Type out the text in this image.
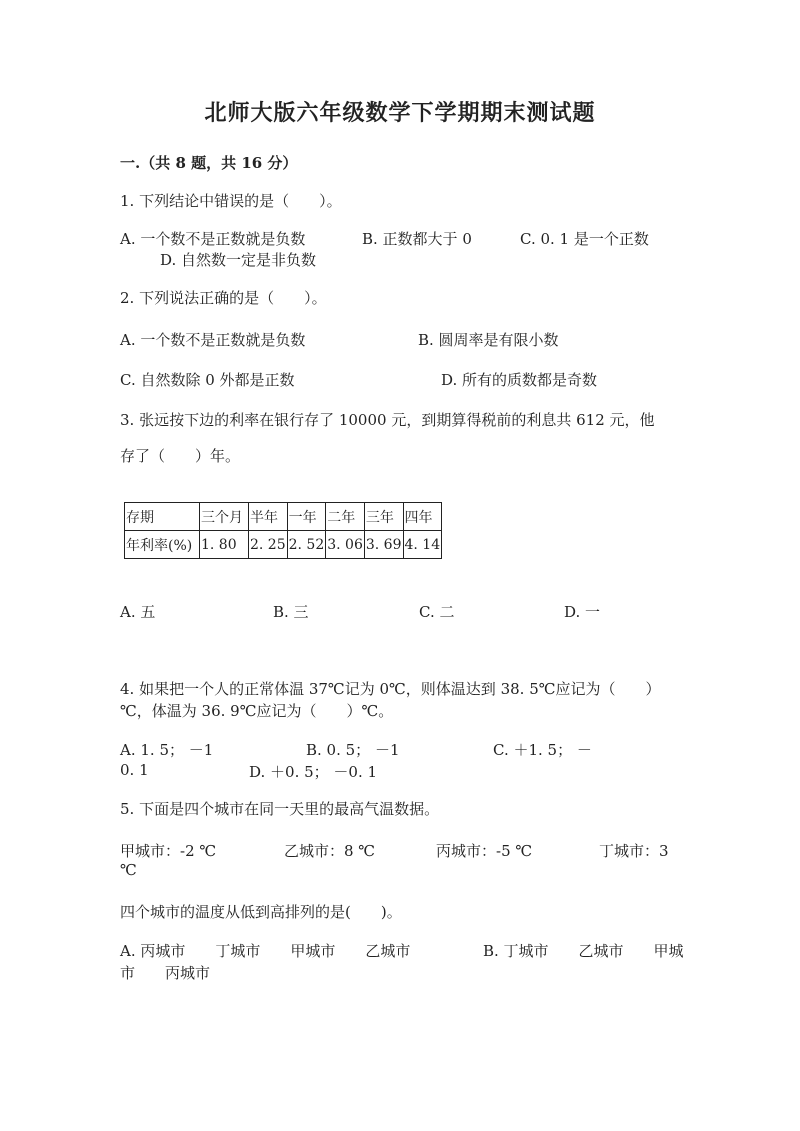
北师大版六年级数学下学期期末测试题
一.（共 8 题，共 16 分）
1. 下列结论中错误的是（　　）。
A. 一个数不是正数就是负数	B. 正数都大于 0	C. 0. 1 是一个正数
D. 自然数一定是非负数
2. 下列说法正确的是（　　）。
A. 一个数不是正数就是负数	B. 圆周率是有限小数
C. 自然数除 0 外都是正数	D. 所有的质数都是奇数
3. 张远按下边的利率在银行存了 10000 元，到期算得税前的利息共 612 元，他
存了（　　）年。
存期	三个月	半年	一年	二年	三年	四年
年利率(%)	1. 80	2. 25	2. 52	3. 06	3. 69	4. 14
A. 五	B. 三	C. 二	D. 一
4. 如果把一个人的正常体温 37℃记为 0℃，则体温达到 38. 5℃应记为（　　）
℃，体温为 36. 9℃应记为（　　）℃。
A. 1. 5； －1	B. 0. 5； －1	C. ＋1. 5； －
0. 1	D. ＋0. 5； －0. 1
5. 下面是四个城市在同一天里的最高气温数据。
甲城市：-2 ℃	乙城市：8 ℃	丙城市：-5 ℃	丁城市：3
℃
四个城市的温度从低到高排列的是(　　)。
A. 丙城市　　丁城市　　甲城市　　乙城市	B. 丁城市　　乙城市　　甲城
市　　丙城市
